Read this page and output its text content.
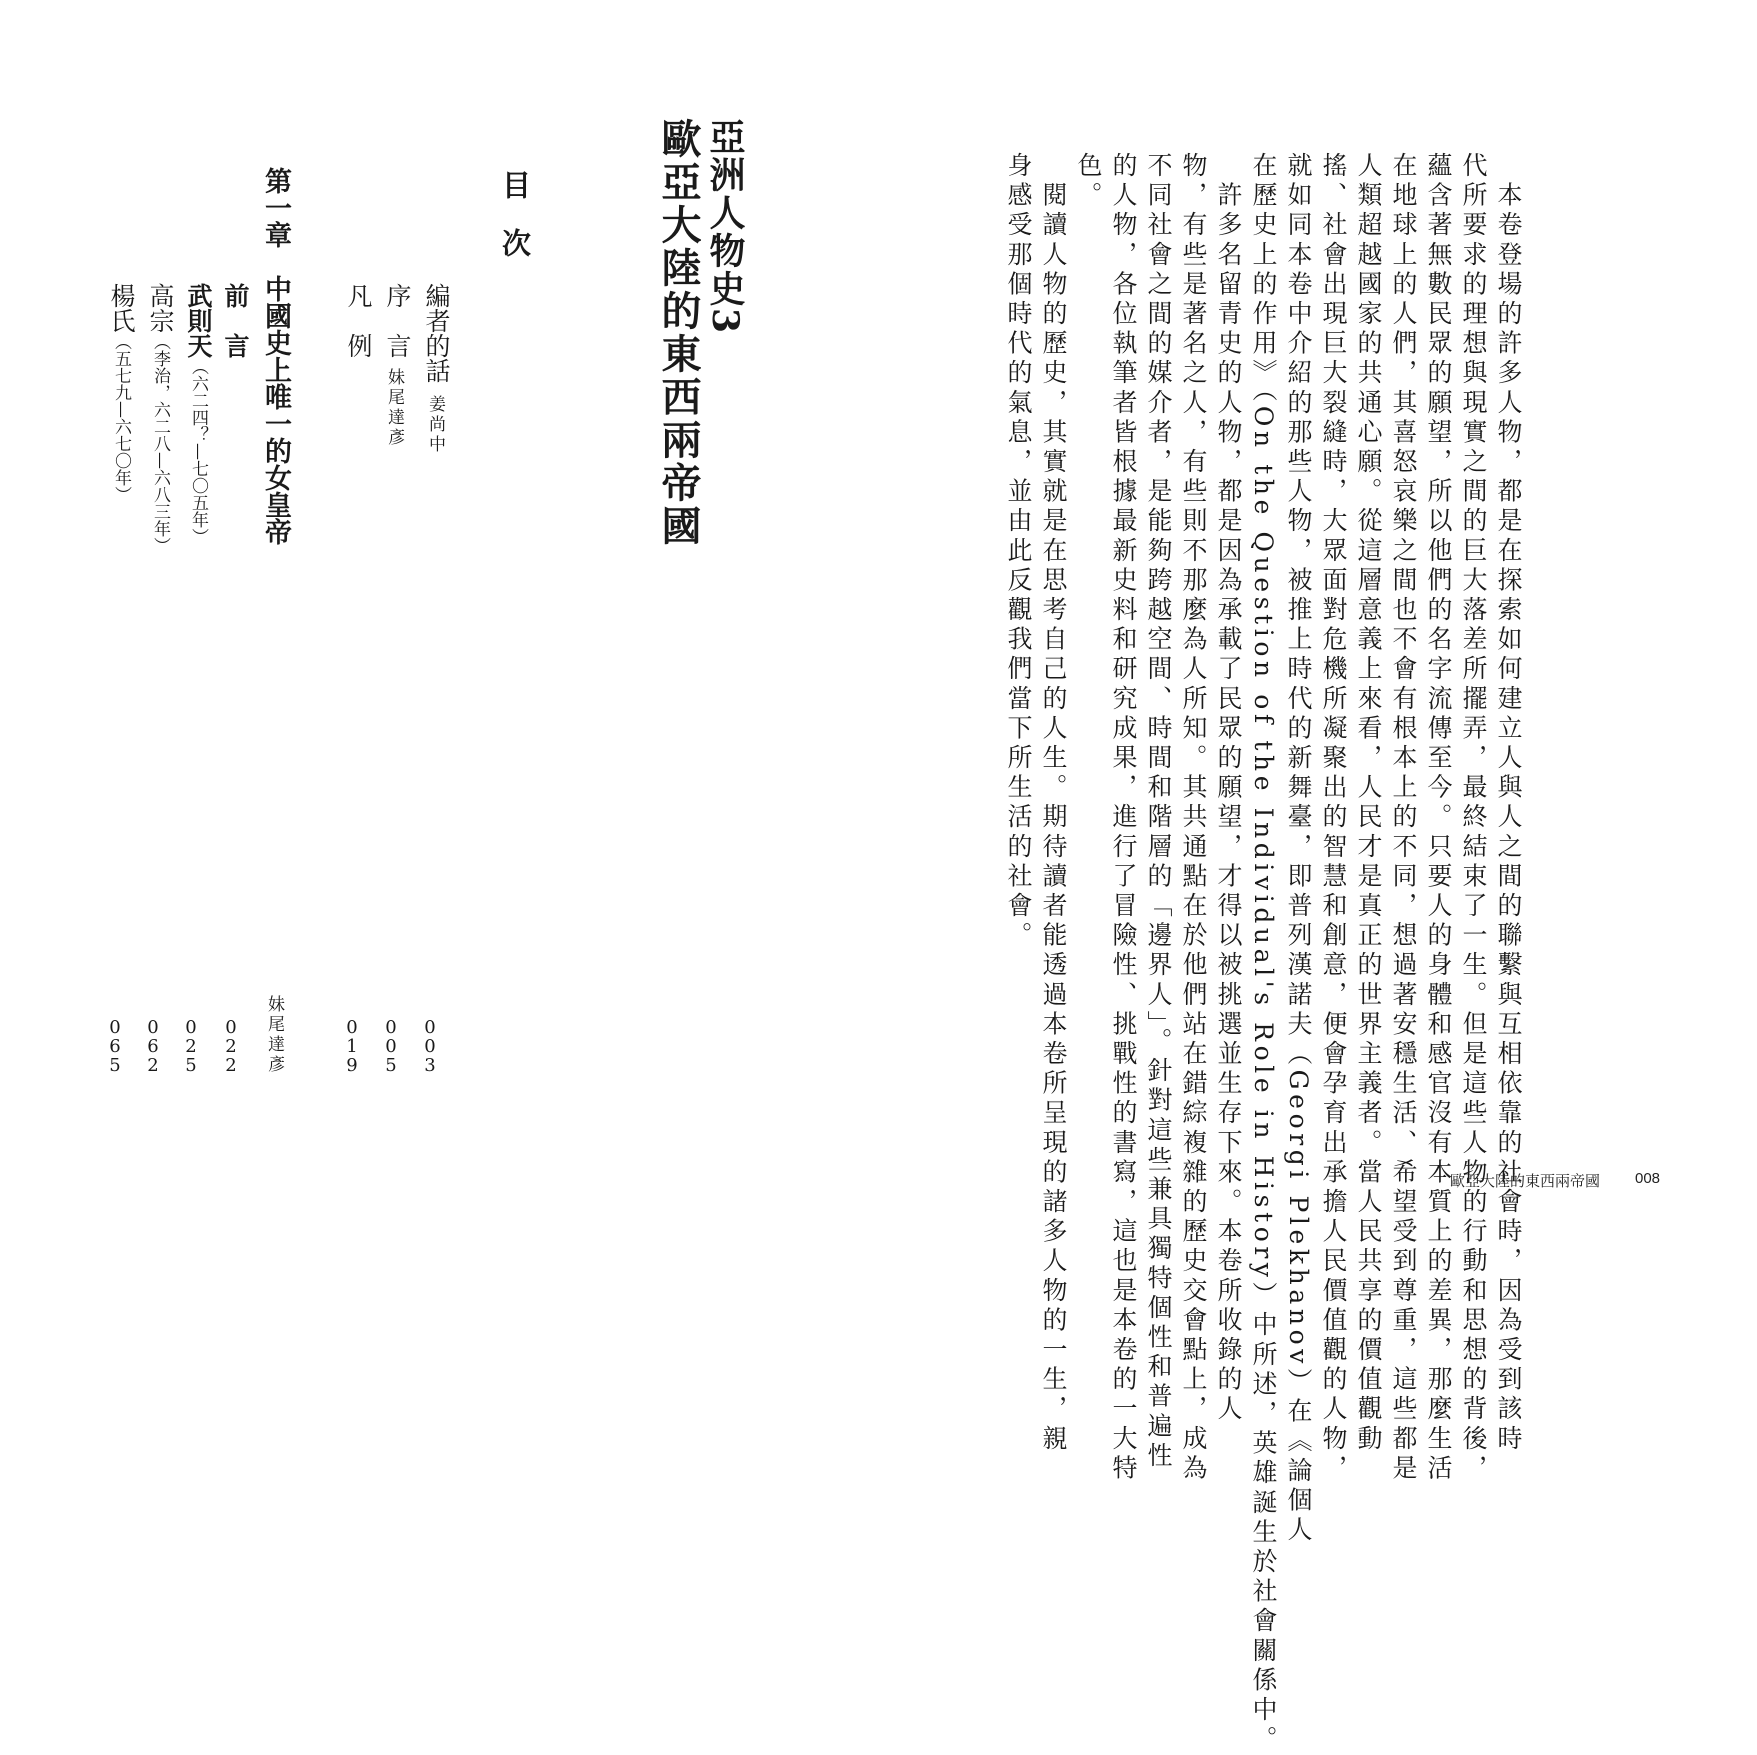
　本卷登場的許多人物，都是在探索如何建立人與人之間的聯繫與互相依靠的社會時，因為受到該時
代所要求的理想與現實之間的巨大落差所擺弄，最終結束了一生。但是這些人物的行動和思想的背後，
蘊含著無數民眾的願望，所以他們的名字流傳至今。只要人的身體和感官沒有本質上的差異，那麼生活
在地球上的人們，其喜怒哀樂之間也不會有根本上的不同，想過著安穩生活、希望受到尊重，這些都是
人類超越國家的共通心願。從這層意義上來看，人民才是真正的世界主義者。當人民共享的價值觀動
搖、社會出現巨大裂縫時，大眾面對危機所凝聚出的智慧和創意，便會孕育出承擔人民價值觀的人物，
就如同本卷中介紹的那些人物，被推上時代的新舞臺，即普列漢諾夫（Georgi Plekhanov）在《論個人
在歷史上的作用》（On the Question of the Individual's Role in History）中所述，英雄誕生於社會關係中。
　許多名留青史的人物，都是因為承載了民眾的願望，才得以被挑選並生存下來。本卷所收錄的人
物，有些是著名之人，有些則不那麼為人所知。其共通點在於他們站在錯綜複雜的歷史交會點上，成為
不同社會之間的媒介者，是能夠跨越空間、時間和階層的「邊界人」。針對這些兼具獨特個性和普遍性
的人物，各位執筆者皆根據最新史料和研究成果，進行了冒險性、挑戰性的書寫，這也是本卷的一大特
色。
　閱讀人物的歷史，其實就是在思考自己的人生。期待讀者能透過本卷所呈現的諸多人物的一生，親
身感受那個時代的氣息，並由此反觀我們當下所生活的社會。
歐亞大陸的東西兩帝國 008
亞洲人物史3
歐亞大陸的東西兩帝國
目　次
編者的話
姜尚中
0
0
3
序　言
妹尾達彥
0
0
5
凡　例
0
1
9
第一章　中國史上唯一的女皇帝
妹尾達彥
前　言
0
2
2
武則天（六二四？—七〇五年）
0
2
5
高宗（李治，六二八—六八三年）
0
6
2
楊氏（五七九—六七〇年）
0
6
5
